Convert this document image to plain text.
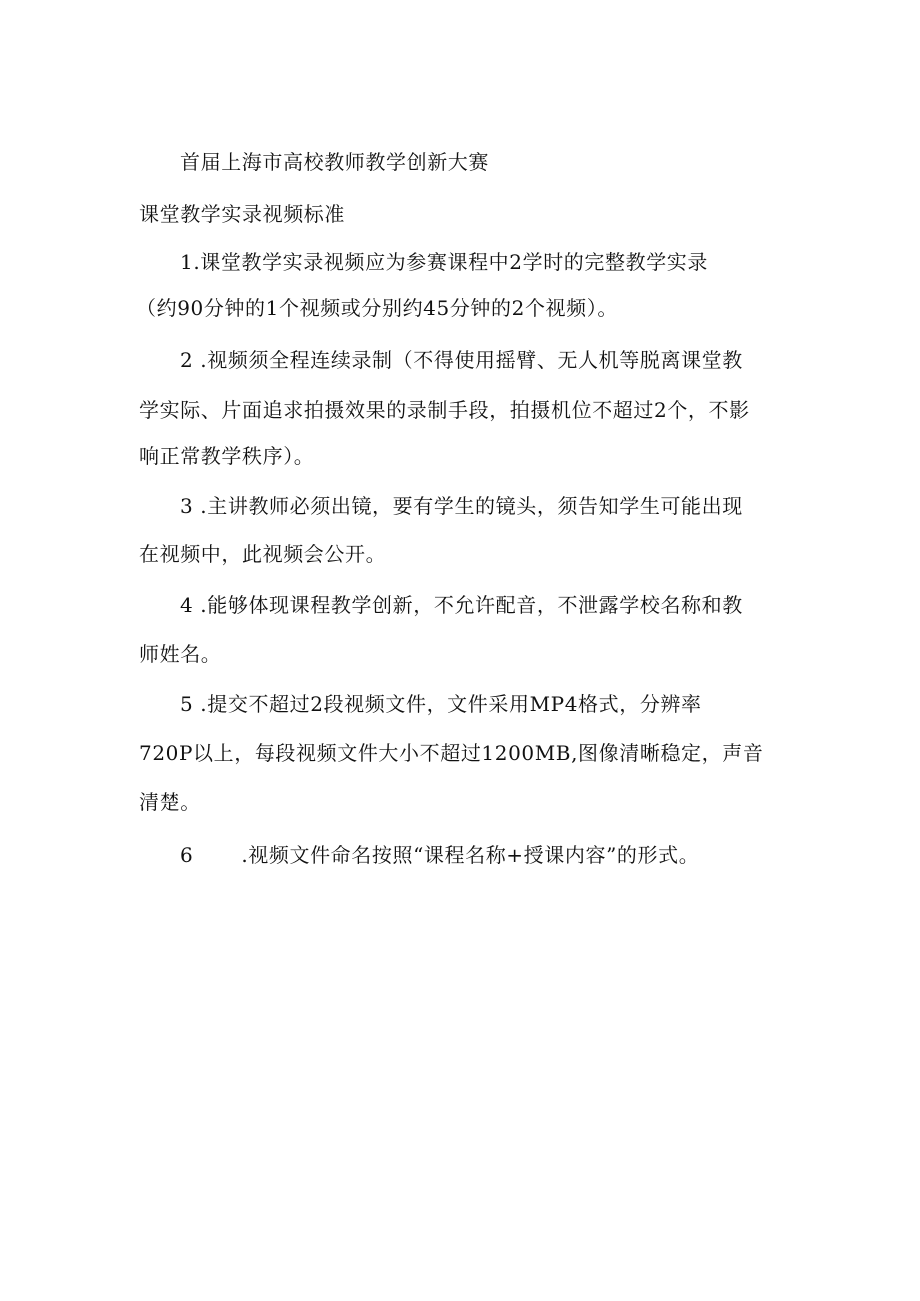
首届上海市高校教师教学创新大赛
课堂教学实录视频标准
1.课堂教学实录视频应为参赛课程中2学时的完整教学实录
（约90分钟的1个视频或分别约45分钟的2个视频）。
2 .视频须全程连续录制（不得使用摇臂、无人机等脱离课堂教
学实际、片面追求拍摄效果的录制手段，拍摄机位不超过2个，不影
响正常教学秩序）。
3 .主讲教师必须出镜，要有学生的镜头，须告知学生可能出现
在视频中，此视频会公开。
4 .能够体现课程教学创新，不允许配音，不泄露学校名称和教
师姓名。
5 .提交不超过2段视频文件，文件采用MP4格式，分辨率
720P以上，每段视频文件大小不超过1200MB,图像清晰稳定，声音
清楚。
6 .视频文件命名按照“课程名称+授课内容”的形式。
